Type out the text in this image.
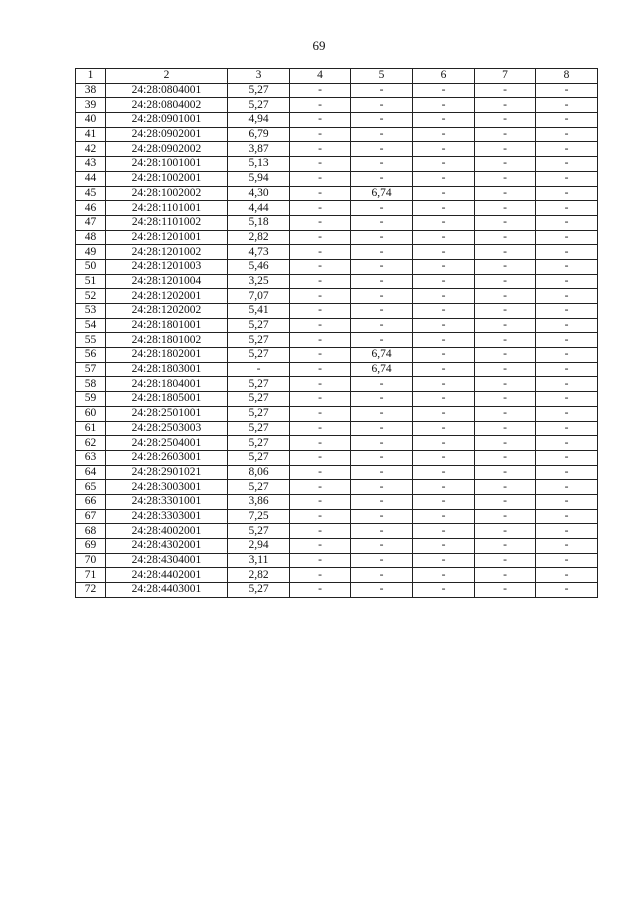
69
1	2	3	4	5	6	7	8
38	24:28:0804001	5,27	-	-	-	-	-
39	24:28:0804002	5,27	-	-	-	-	-
40	24:28:0901001	4,94	-	-	-	-	-
41	24:28:0902001	6,79	-	-	-	-	-
42	24:28:0902002	3,87	-	-	-	-	-
43	24:28:1001001	5,13	-	-	-	-	-
44	24:28:1002001	5,94	-	-	-	-	-
45	24:28:1002002	4,30	-	6,74	-	-	-
46	24:28:1101001	4,44	-	-	-	-	-
47	24:28:1101002	5,18	-	-	-	-	-
48	24:28:1201001	2,82	-	-	-	-	-
49	24:28:1201002	4,73	-	-	-	-	-
50	24:28:1201003	5,46	-	-	-	-	-
51	24:28:1201004	3,25	-	-	-	-	-
52	24:28:1202001	7,07	-	-	-	-	-
53	24:28:1202002	5,41	-	-	-	-	-
54	24:28:1801001	5,27	-	-	-	-	-
55	24:28:1801002	5,27	-	-	-	-	-
56	24:28:1802001	5,27	-	6,74	-	-	-
57	24:28:1803001	-	-	6,74	-	-	-
58	24:28:1804001	5,27	-	-	-	-	-
59	24:28:1805001	5,27	-	-	-	-	-
60	24:28:2501001	5,27	-	-	-	-	-
61	24:28:2503003	5,27	-	-	-	-	-
62	24:28:2504001	5,27	-	-	-	-	-
63	24:28:2603001	5,27	-	-	-	-	-
64	24:28:2901021	8,06	-	-	-	-	-
65	24:28:3003001	5,27	-	-	-	-	-
66	24:28:3301001	3,86	-	-	-	-	-
67	24:28:3303001	7,25	-	-	-	-	-
68	24:28:4002001	5,27	-	-	-	-	-
69	24:28:4302001	2,94	-	-	-	-	-
70	24:28:4304001	3,11	-	-	-	-	-
71	24:28:4402001	2,82	-	-	-	-	-
72	24:28:4403001	5,27	-	-	-	-	-
